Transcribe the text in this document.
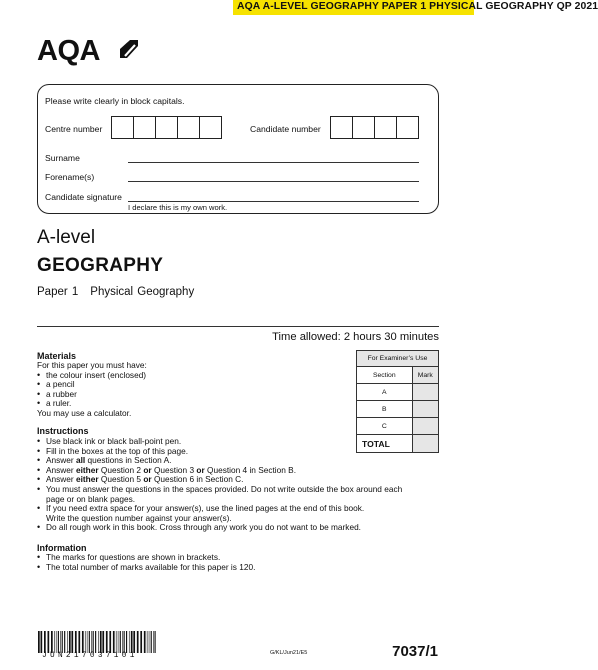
AQA A-LEVEL GEOGRAPHY PAPER 1 PHYSICAL GEOGRAPHY QP 2021
AQA
Please write clearly in block capitals.
Centre number	Candidate number
Surname
Forename(s)
Candidate signature
I declare this is my own work.
A-level
GEOGRAPHY
Paper 1 Physical Geography
Time allowed: 2 hours 30 minutes
For Examiner’s Use	
Section	Mark
A	
B	
C	
TOTAL	
Materials
For this paper you must have:
• the colour insert (enclosed)
• a pencil
• a rubber
• a ruler.
You may use a calculator.
Instructions
• Use black ink or black ball-point pen.
• Fill in the boxes at the top of this page.
• Answer all questions in Section A.
• Answer either Question 2 or Question 3 or Question 4 in Section B.
• Answer either Question 5 or Question 6 in Section C.
• You must answer the questions in the spaces provided. Do not write outside the box around each
page or on blank pages.
• If you need extra space for your answer(s), use the lined pages at the end of this book.
Write the question number against your answer(s).
• Do all rough work in this book. Cross through any work you do not want to be marked.
Information
• The marks for questions are shown in brackets.
• The total number of marks available for this paper is 120.
JUN217037101	G/KL/Jun21/E5	7037/1
